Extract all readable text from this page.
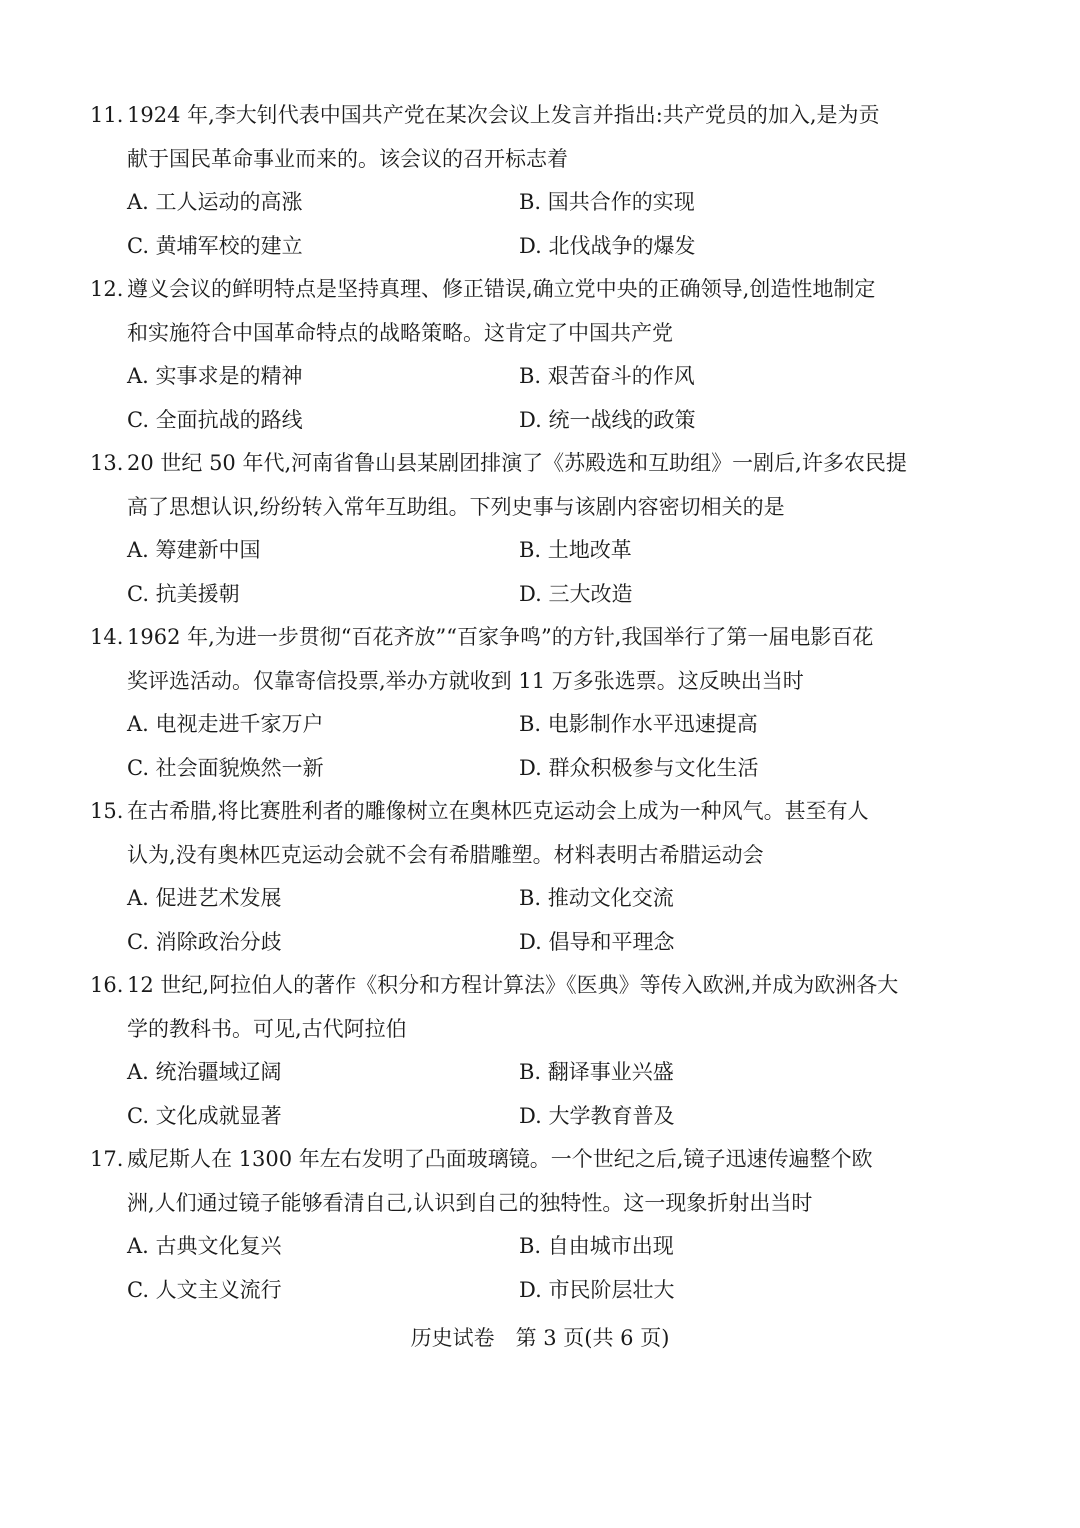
11. 1924 年,李大钊代表中国共产党在某次会议上发言并指出:共产党员的加入,是为贡
献于国民革命事业而来的。该会议的召开标志着
A. 工人运动的高涨	B. 国共合作的实现
C. 黄埔军校的建立	D. 北伐战争的爆发
12. 遵义会议的鲜明特点是坚持真理、修正错误,确立党中央的正确领导,创造性地制定
和实施符合中国革命特点的战略策略。这肯定了中国共产党
A. 实事求是的精神	B. 艰苦奋斗的作风
C. 全面抗战的路线	D. 统一战线的政策
13. 20 世纪 50 年代,河南省鲁山县某剧团排演了《苏殿选和互助组》一剧后,许多农民提
高了思想认识,纷纷转入常年互助组。下列史事与该剧内容密切相关的是
A. 筹建新中国	B. 土地改革
C. 抗美援朝	D. 三大改造
14. 1962 年,为进一步贯彻“百花齐放”“百家争鸣”的方针,我国举行了第一届电影百花
奖评选活动。仅靠寄信投票,举办方就收到 11 万多张选票。这反映出当时
A. 电视走进千家万户	B. 电影制作水平迅速提高
C. 社会面貌焕然一新	D. 群众积极参与文化生活
15. 在古希腊,将比赛胜利者的雕像树立在奥林匹克运动会上成为一种风气。甚至有人
认为,没有奥林匹克运动会就不会有希腊雕塑。材料表明古希腊运动会
A. 促进艺术发展	B. 推动文化交流
C. 消除政治分歧	D. 倡导和平理念
16. 12 世纪,阿拉伯人的著作《积分和方程计算法》《医典》等传入欧洲,并成为欧洲各大
学的教科书。可见,古代阿拉伯
A. 统治疆域辽阔	B. 翻译事业兴盛
C. 文化成就显著	D. 大学教育普及
17. 威尼斯人在 1300 年左右发明了凸面玻璃镜。一个世纪之后,镜子迅速传遍整个欧
洲,人们通过镜子能够看清自己,认识到自己的独特性。这一现象折射出当时
A. 古典文化复兴	B. 自由城市出现
C. 人文主义流行	D. 市民阶层壮大
历史试卷　第 3 页(共 6 页)
